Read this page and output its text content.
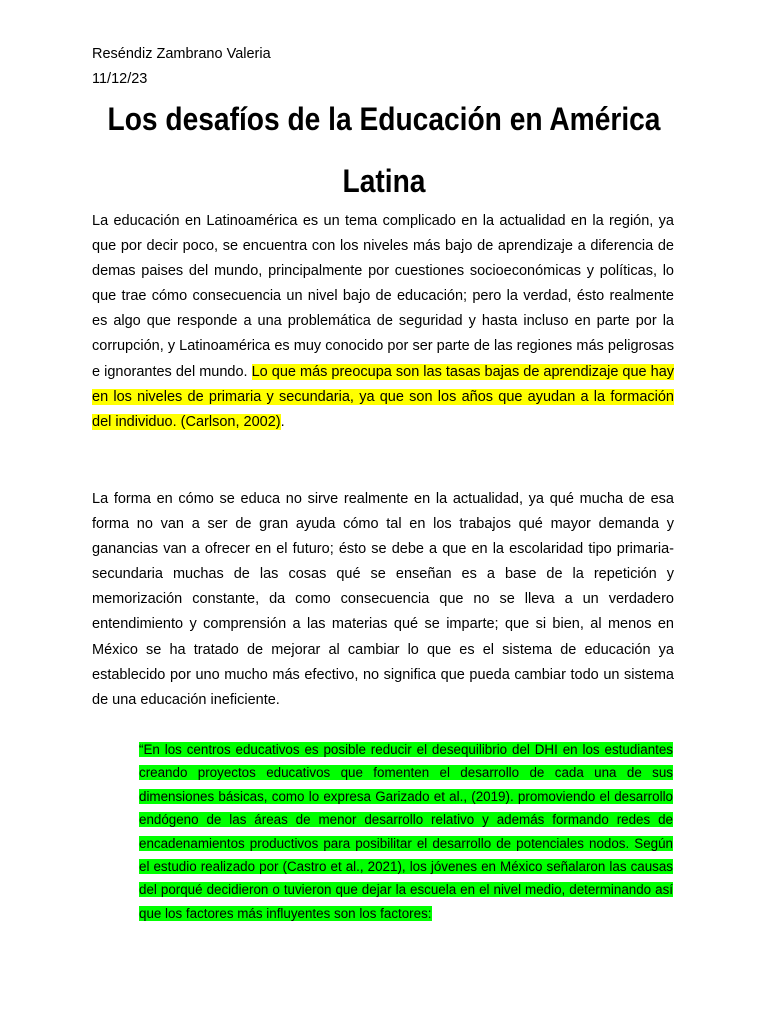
Reséndiz Zambrano Valeria
11/12/23
Los desafíos de la Educación en América Latina
La educación en Latinoamérica es un tema complicado en la actualidad en la región, ya que por decir poco, se encuentra con los niveles más bajo de aprendizaje a diferencia de demas paises del mundo, principalmente por cuestiones socioeconómicas y políticas, lo que trae cómo consecuencia un nivel bajo de educación; pero la verdad, ésto realmente es algo que responde a una problemática de seguridad y hasta incluso en parte por la corrupción, y Latinoamérica es muy conocido por ser parte de las regiones más peligrosas e ignorantes del mundo. Lo que más preocupa son las tasas bajas de aprendizaje que hay en los niveles de primaria y secundaria, ya que son los años que ayudan a la formación del individuo. (Carlson, 2002).
La forma en cómo se educa no sirve realmente en la actualidad, ya qué mucha de esa forma no van a ser de gran ayuda cómo tal en los trabajos qué mayor demanda y ganancias van a ofrecer en el futuro; ésto se debe a que en la escolaridad tipo primaria-secundaria muchas de las cosas qué se enseñan es a base de la repetición y memorización constante, da como consecuencia que no se lleva a un verdadero entendimiento y comprensión a las materias qué se imparte; que si bien, al menos en México se ha tratado de mejorar al cambiar lo que es el sistema de educación ya establecido por uno mucho más efectivo, no significa que pueda cambiar todo un sistema de una educación ineficiente.
“En los centros educativos es posible reducir el desequilibrio del DHI en los estudiantes creando proyectos educativos que fomenten el desarrollo de cada una de sus dimensiones básicas, como lo expresa Garizado et al., (2019). promoviendo el desarrollo endógeno de las áreas de menor desarrollo relativo y además formando redes de encadenamientos productivos para posibilitar el desarrollo de potenciales nodos. Según el estudio realizado por (Castro et al., 2021), los jóvenes en México señalaron las causas del porqué decidieron o tuvieron que dejar la escuela en el nivel medio, determinando así que los factores más influyentes son los factores:
